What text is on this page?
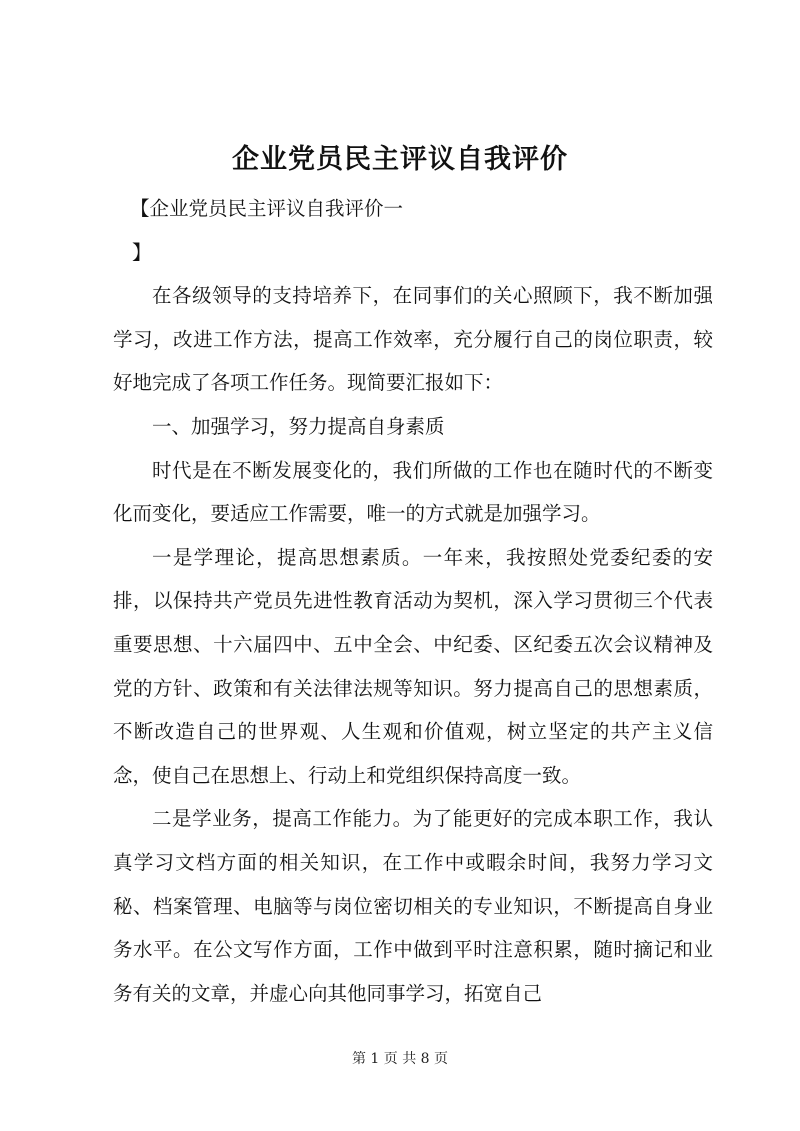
企业党员民主评议自我评价

【企业党员民主评议自我评价一

】

在各级领导的支持培养下，在同事们的关心照顾下，我不断加强学习，改进工作方法，提高工作效率，充分履行自己的岗位职责，较好地完成了各项工作任务。现简要汇报如下：

一、加强学习，努力提高自身素质

时代是在不断发展变化的，我们所做的工作也在随时代的不断变化而变化，要适应工作需要，唯一的方式就是加强学习。

一是学理论，提高思想素质。一年来，我按照处党委纪委的安排，以保持共产党员先进性教育活动为契机，深入学习贯彻三个代表重要思想、十六届四中、五中全会、中纪委、区纪委五次会议精神及党的方针、政策和有关法律法规等知识。努力提高自己的思想素质，不断改造自己的世界观、人生观和价值观，树立坚定的共产主义信念，使自己在思想上、行动上和党组织保持高度一致。

二是学业务，提高工作能力。为了能更好的完成本职工作，我认真学习文档方面的相关知识，在工作中或暇余时间，我努力学习文秘、档案管理、电脑等与岗位密切相关的专业知识，不断提高自身业务水平。在公文写作方面，工作中做到平时注意积累，随时摘记和业务有关的文章，并虚心向其他同事学习，拓宽自己

第 1 页 共 8 页
